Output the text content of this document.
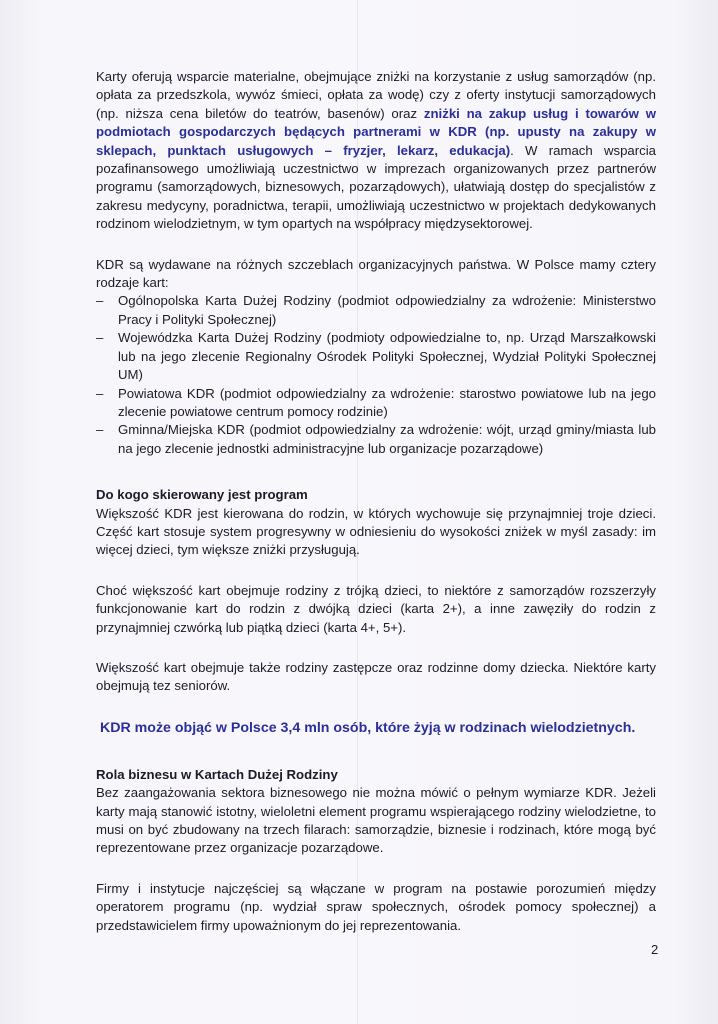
Karty oferują wsparcie materialne, obejmujące zniżki na korzystanie z usług samorządów (np. opłata za przedszkola, wywóz śmieci, opłata za wodę) czy z oferty instytucji samorządowych (np. niższa cena biletów do teatrów, basenów) oraz zniżki na zakup usług i towarów w podmiotach gospodarczych będących partnerami w KDR (np. upusty na zakupy w sklepach, punktach usługowych – fryzjer, lekarz, edukacja). W ramach wsparcia pozafinansowego umożliwiają uczestnictwo w imprezach organizowanych przez partnerów programu (samorządowych, biznesowych, pozarządowych), ułatwiają dostęp do specjalistów z zakresu medycyny, poradnictwa, terapii, umożliwiają uczestnictwo w projektach dedykowanych rodzinom wielodzietnym, w tym opartych na współpracy międzysektorowej.

KDR są wydawane na różnych szczeblach organizacyjnych państwa. W Polsce mamy cztery rodzaje kart:

– Ogólnopolska Karta Dużej Rodziny (podmiot odpowiedzialny za wdrożenie: Ministerstwo Pracy i Polityki Społecznej)
– Wojewódzka Karta Dużej Rodziny (podmioty odpowiedzialne to, np. Urząd Marszałkowski lub na jego zlecenie Regionalny Ośrodek Polityki Społecznej, Wydział Polityki Społecznej UM)
– Powiatowa KDR (podmiot odpowiedzialny za wdrożenie: starostwo powiatowe lub na jego zlecenie powiatowe centrum pomocy rodzinie)
– Gminna/Miejska KDR (podmiot odpowiedzialny za wdrożenie: wójt, urząd gminy/miasta lub na jego zlecenie jednostki administracyjne lub organizacje pozarządowe)

Do kogo skierowany jest program

Większość KDR jest kierowana do rodzin, w których wychowuje się przynajmniej troje dzieci. Część kart stosuje system progresywny w odniesieniu do wysokości zniżek w myśl zasady: im więcej dzieci, tym większe zniżki przysługują.

Choć większość kart obejmuje rodziny z trójką dzieci, to niektóre z samorządów rozszerzyły funkcjonowanie kart do rodzin z dwójką dzieci (karta 2+), a inne zawęziły do rodzin z przynajmniej czwórką lub piątką dzieci (karta 4+, 5+).

Większość kart obejmuje także rodziny zastępcze oraz rodzinne domy dziecka. Niektóre karty obejmują tez seniorów.

KDR może objąć w Polsce 3,4 mln osób, które żyją w rodzinach wielodzietnych.

Rola biznesu w Kartach Dużej Rodziny

Bez zaangażowania sektora biznesowego nie można mówić o pełnym wymiarze KDR. Jeżeli karty mają stanowić istotny, wieloletni element programu wspierającego rodziny wielodzietne, to musi on być zbudowany na trzech filarach: samorządzie, biznesie i rodzinach, które mogą być reprezentowane przez organizacje pozarządowe.

Firmy i instytucje najczęściej są włączane w program na postawie porozumień między operatorem programu (np. wydział spraw społecznych, ośrodek pomocy społecznej) a przedstawicielem firmy upoważnionym do jej reprezentowania.

2
